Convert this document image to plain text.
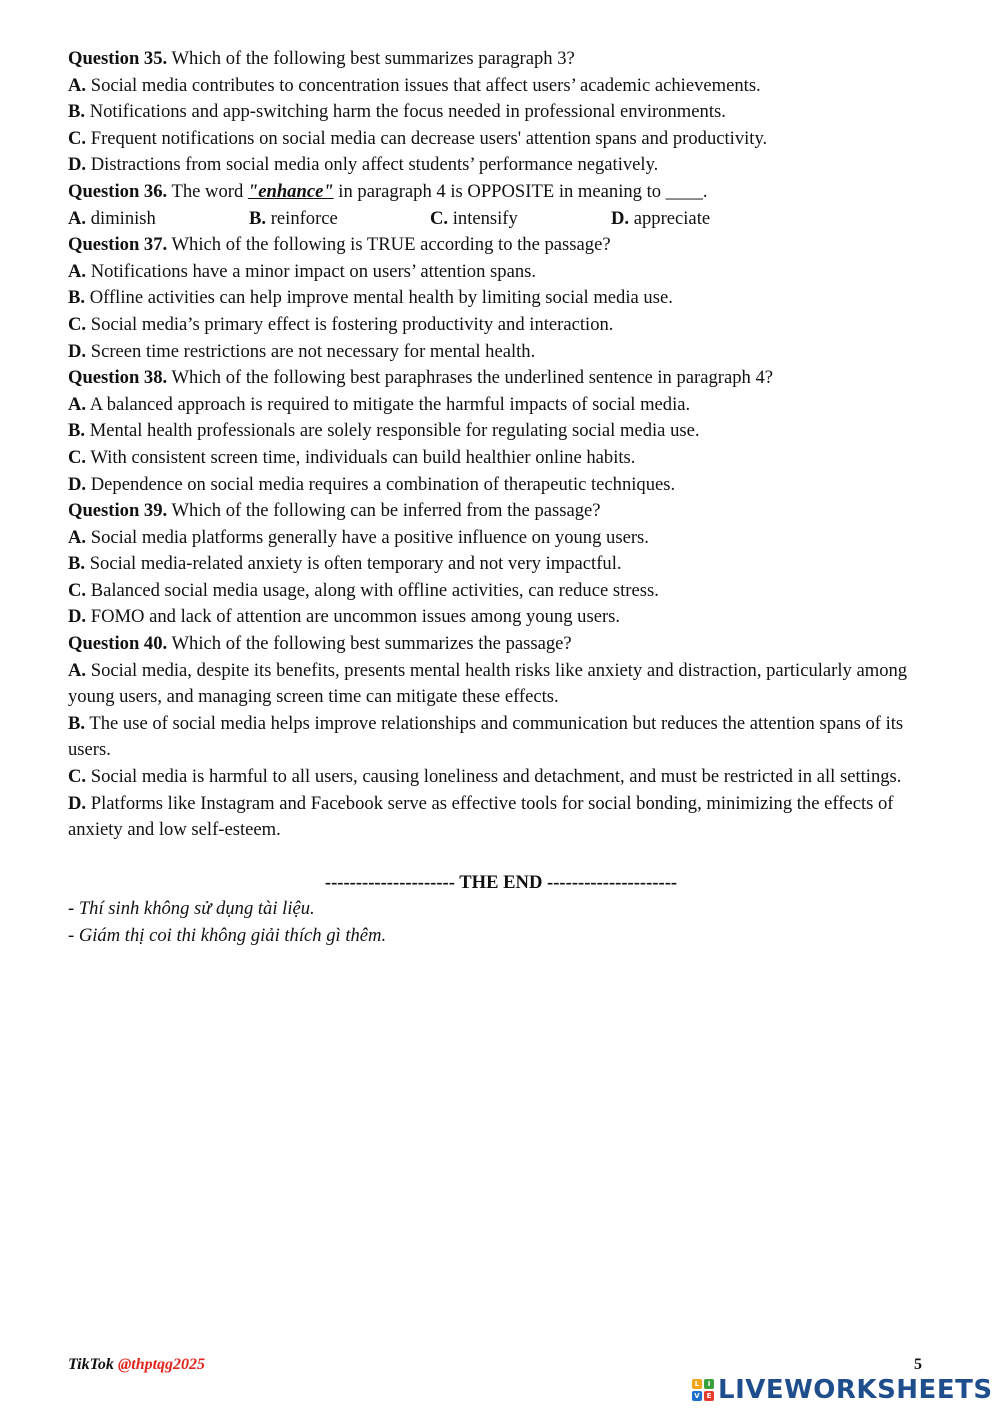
Question 35. Which of the following best summarizes paragraph 3?
A. Social media contributes to concentration issues that affect users’ academic achievements.
B. Notifications and app-switching harm the focus needed in professional environments.
C. Frequent notifications on social media can decrease users' attention spans and productivity.
D. Distractions from social media only affect students’ performance negatively.
Question 36. The word "enhance" in paragraph 4 is OPPOSITE in meaning to ____.
A. diminish	B. reinforce	C. intensify	D. appreciate
Question 37. Which of the following is TRUE according to the passage?
A. Notifications have a minor impact on users’ attention spans.
B. Offline activities can help improve mental health by limiting social media use.
C. Social media’s primary effect is fostering productivity and interaction.
D. Screen time restrictions are not necessary for mental health.
Question 38. Which of the following best paraphrases the underlined sentence in paragraph 4?
A. A balanced approach is required to mitigate the harmful impacts of social media.
B. Mental health professionals are solely responsible for regulating social media use.
C. With consistent screen time, individuals can build healthier online habits.
D. Dependence on social media requires a combination of therapeutic techniques.
Question 39. Which of the following can be inferred from the passage?
A. Social media platforms generally have a positive influence on young users.
B. Social media-related anxiety is often temporary and not very impactful.
C. Balanced social media usage, along with offline activities, can reduce stress.
D. FOMO and lack of attention are uncommon issues among young users.
Question 40. Which of the following best summarizes the passage?
A. Social media, despite its benefits, presents mental health risks like anxiety and distraction, particularly among young users, and managing screen time can mitigate these effects.
B. The use of social media helps improve relationships and communication but reduces the attention spans of its users.
C. Social media is harmful to all users, causing loneliness and detachment, and must be restricted in all settings.
D. Platforms like Instagram and Facebook serve as effective tools for social bonding, minimizing the effects of anxiety and low self-esteem.
--------------------- THE END ---------------------
- Thí sinh không sử dụng tài liệu.
- Giám thị coi thi không giải thích gì thêm.
TikTok @thptqg2025	5
L	I
V E LIVEWORKSHEETS
